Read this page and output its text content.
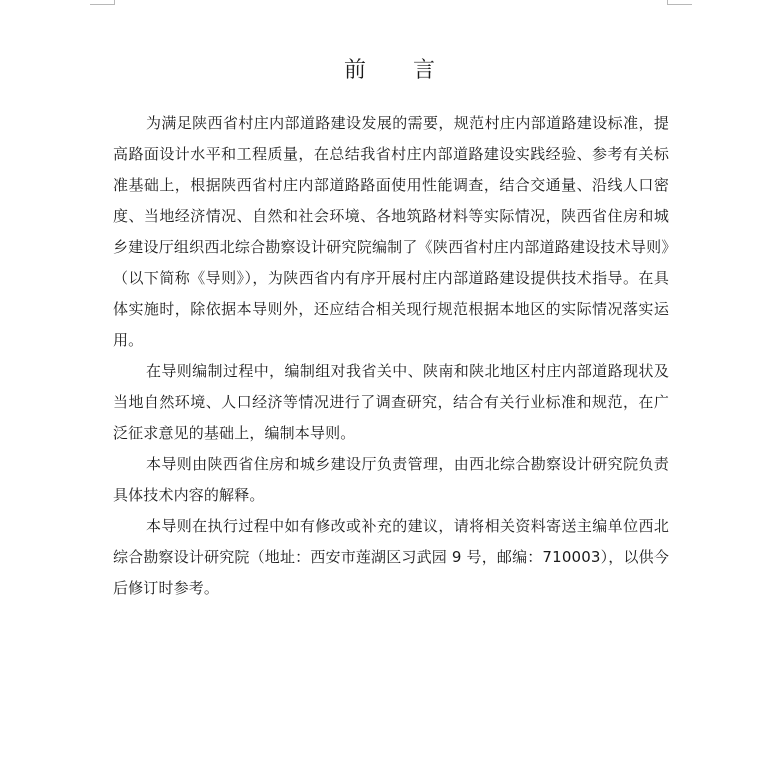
前 言

为满足陕西省村庄内部道路建设发展的需要，规范村庄内部道路建设标准，提高路面设计水平和工程质量，在总结我省村庄内部道路建设实践经验、参考有关标准基础上，根据陕西省村庄内部道路路面使用性能调查，结合交通量、沿线人口密度、当地经济情况、自然和社会环境、各地筑路材料等实际情况，陕西省住房和城乡建设厅组织西北综合勘察设计研究院编制了《陕西省村庄内部道路建设技术导则》（以下简称《导则》），为陕西省内有序开展村庄内部道路建设提供技术指导。在具体实施时，除依据本导则外，还应结合相关现行规范根据本地区的实际情况落实运用。

在导则编制过程中，编制组对我省关中、陕南和陕北地区村庄内部道路现状及当地自然环境、人口经济等情况进行了调查研究，结合有关行业标准和规范，在广泛征求意见的基础上，编制本导则。

本导则由陕西省住房和城乡建设厅负责管理，由西北综合勘察设计研究院负责具体技术内容的解释。

本导则在执行过程中如有修改或补充的建议，请将相关资料寄送主编单位西北综合勘察设计研究院（地址：西安市莲湖区习武园 9 号，邮编：710003），以供今后修订时参考。
